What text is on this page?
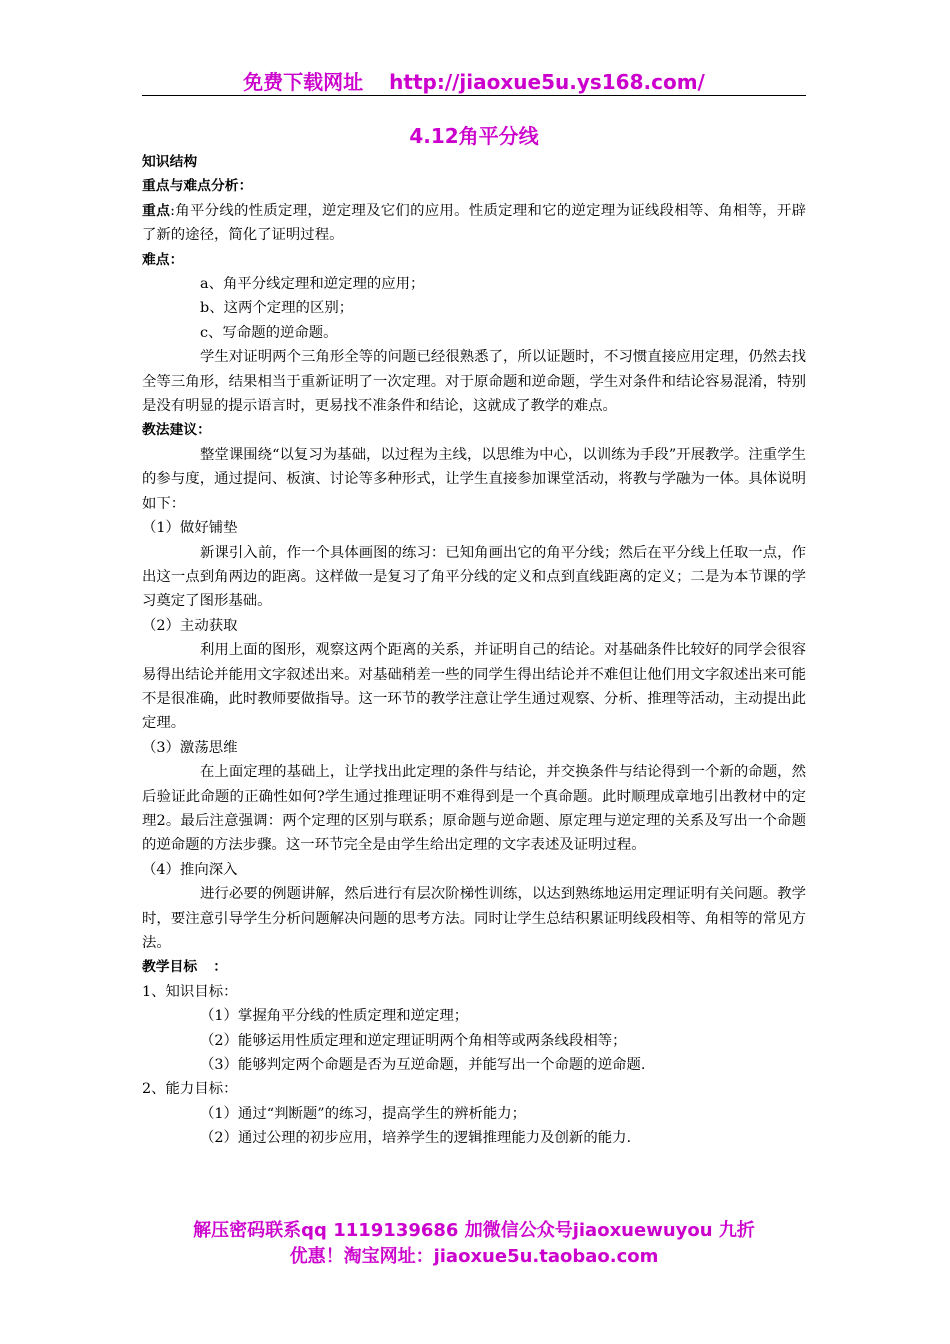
免费下载网址 http://jiaoxue5u.ys168.com/
4.12角平分线

知识结构

重点与难点分析：

重点:角平分线的性质定理，逆定理及它们的应用。性质定理和它的逆定理为证线段相等、角相等，开辟了新的途径，简化了证明过程。

难点：

a、角平分线定理和逆定理的应用；

b、这两个定理的区别；

c、写命题的逆命题。

学生对证明两个三角形全等的问题已经很熟悉了，所以证题时，不习惯直接应用定理，仍然去找全等三角形，结果相当于重新证明了一次定理。对于原命题和逆命题，学生对条件和结论容易混淆，特别是没有明显的提示语言时，更易找不准条件和结论，这就成了教学的难点。

教法建议：

整堂课围绕“以复习为基础，以过程为主线，以思维为中心，以训练为手段”开展教学。注重学生的参与度，通过提问、板演、讨论等多种形式，让学生直接参加课堂活动，将教与学融为一体。具体说明如下：

（1）做好铺垫

新课引入前，作一个具体画图的练习：已知角画出它的角平分线；然后在平分线上任取一点，作出这一点到角两边的距离。这样做一是复习了角平分线的定义和点到直线距离的定义；二是为本节课的学习奠定了图形基础。

（2）主动获取

利用上面的图形，观察这两个距离的关系，并证明自己的结论。对基础条件比较好的同学会很容易得出结论并能用文字叙述出来。对基础稍差一些的同学生得出结论并不难但让他们用文字叙述出来可能不是很准确，此时教师要做指导。这一环节的教学注意让学生通过观察、分析、推理等活动，主动提出此定理。

（3）激荡思维

在上面定理的基础上，让学找出此定理的条件与结论，并交换条件与结论得到一个新的命题，然后验证此命题的正确性如何?学生通过推理证明不难得到是一个真命题。此时顺理成章地引出教材中的定理2。最后注意强调：两个定理的区别与联系；原命题与逆命题、原定理与逆定理的关系及写出一个命题的逆命题的方法步骤。这一环节完全是由学生给出定理的文字表述及证明过程。

（4）推向深入

进行必要的例题讲解，然后进行有层次阶梯性训练，以达到熟练地运用定理证明有关问题。教学时，要注意引导学生分析问题解决问题的思考方法。同时让学生总结积累证明线段相等、角相等的常见方法。

教学目标 ：

1、知识目标：

（1）掌握角平分线的性质定理和逆定理；

（2）能够运用性质定理和逆定理证明两个角相等或两条线段相等；

（3）能够判定两个命题是否为互逆命题，并能写出一个命题的逆命题.

2、能力目标：

（1）通过“判断题”的练习，提高学生的辨析能力；

（2）通过公理的初步应用，培养学生的逻辑推理能力及创新的能力.

解压密码联系qq 1119139686 加微信公众号jiaoxuewuyou 九折
优惠！淘宝网址：jiaoxue5u.taobao.com
